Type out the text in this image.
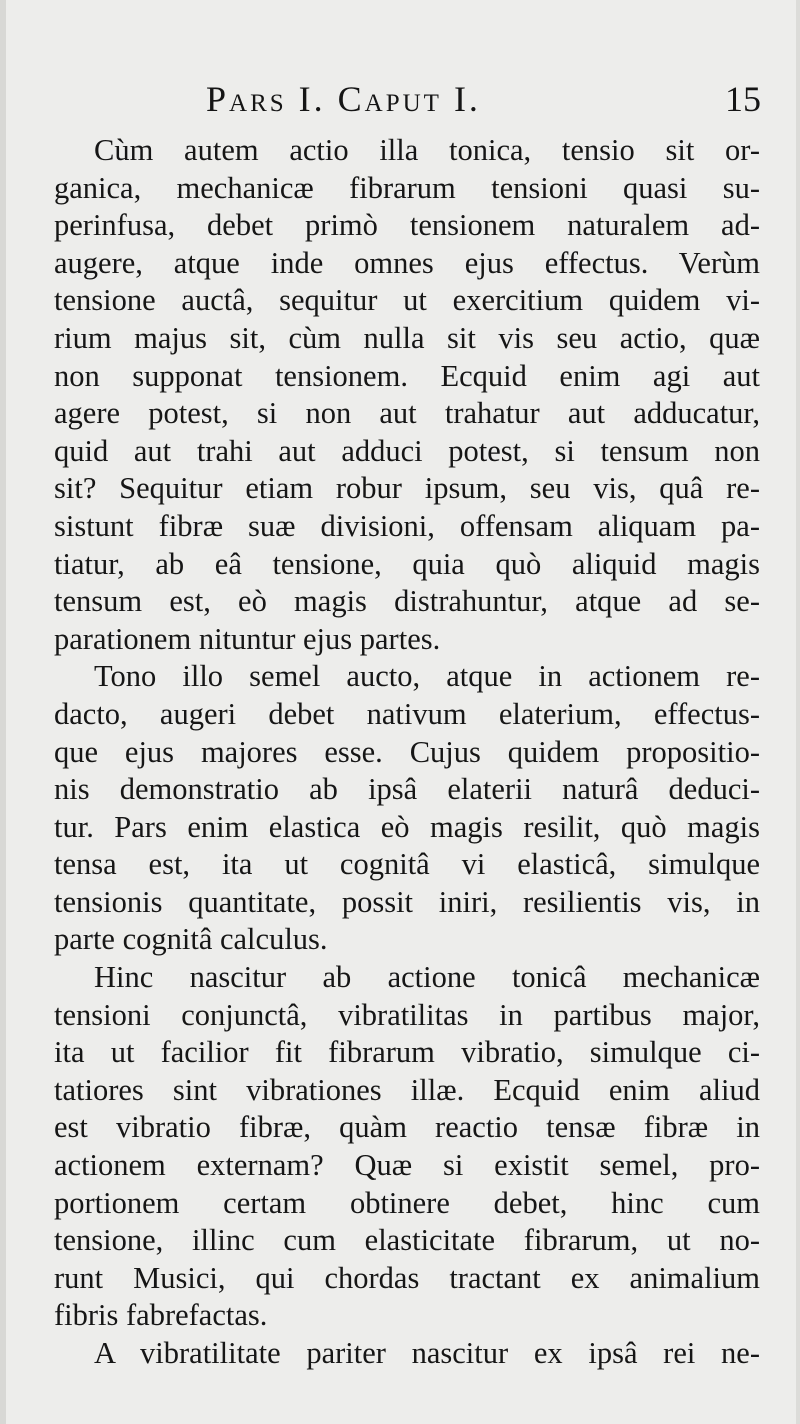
Pars I. Caput I.	15

Cùm autem actio illa tonica, tensio sit or-
ganica, mechanicæ fibrarum tensioni quasi su-
perinfusa, debet primò tensionem naturalem ad-
augere, atque inde omnes ejus effectus. Verùm
tensione auctâ, sequitur ut exercitium quidem vi-
rium majus sit, cùm nulla sit vis seu actio, quæ
non supponat tensionem. Ecquid enim agi aut
agere potest, si non aut trahatur aut adducatur,
quid aut trahi aut adduci potest, si tensum non
sit? Sequitur etiam robur ipsum, seu vis, quâ re-
sistunt fibræ suæ divisioni, offensam aliquam pa-
tiatur, ab eâ tensione, quia quò aliquid magis
tensum est, eò magis distrahuntur, atque ad se-
parationem nituntur ejus partes.

Tono illo semel aucto, atque in actionem re-
dacto, augeri debet nativum elaterium, effectus-
que ejus majores esse. Cujus quidem propositio-
nis demonstratio ab ipsâ elaterii naturâ deduci-
tur. Pars enim elastica eò magis resilit, quò magis
tensa est, ita ut cognitâ vi elasticâ, simulque
tensionis quantitate, possit iniri, resilientis vis, in
parte cognitâ calculus.

Hinc nascitur ab actione tonicâ mechanicæ
tensioni conjunctâ, vibratilitas in partibus major,
ita ut facilior fit fibrarum vibratio, simulque ci-
tatiores sint vibrationes illæ. Ecquid enim aliud
est vibratio fibræ, quàm reactio tensæ fibræ in
actionem externam? Quæ si existit semel, pro-
portionem certam obtinere debet, hinc cum
tensione, illinc cum elasticitate fibrarum, ut no-
runt Musici, qui chordas tractant ex animalium
fibris fabrefactas.

A vibratilitate pariter nascitur ex ipsâ rei ne-
